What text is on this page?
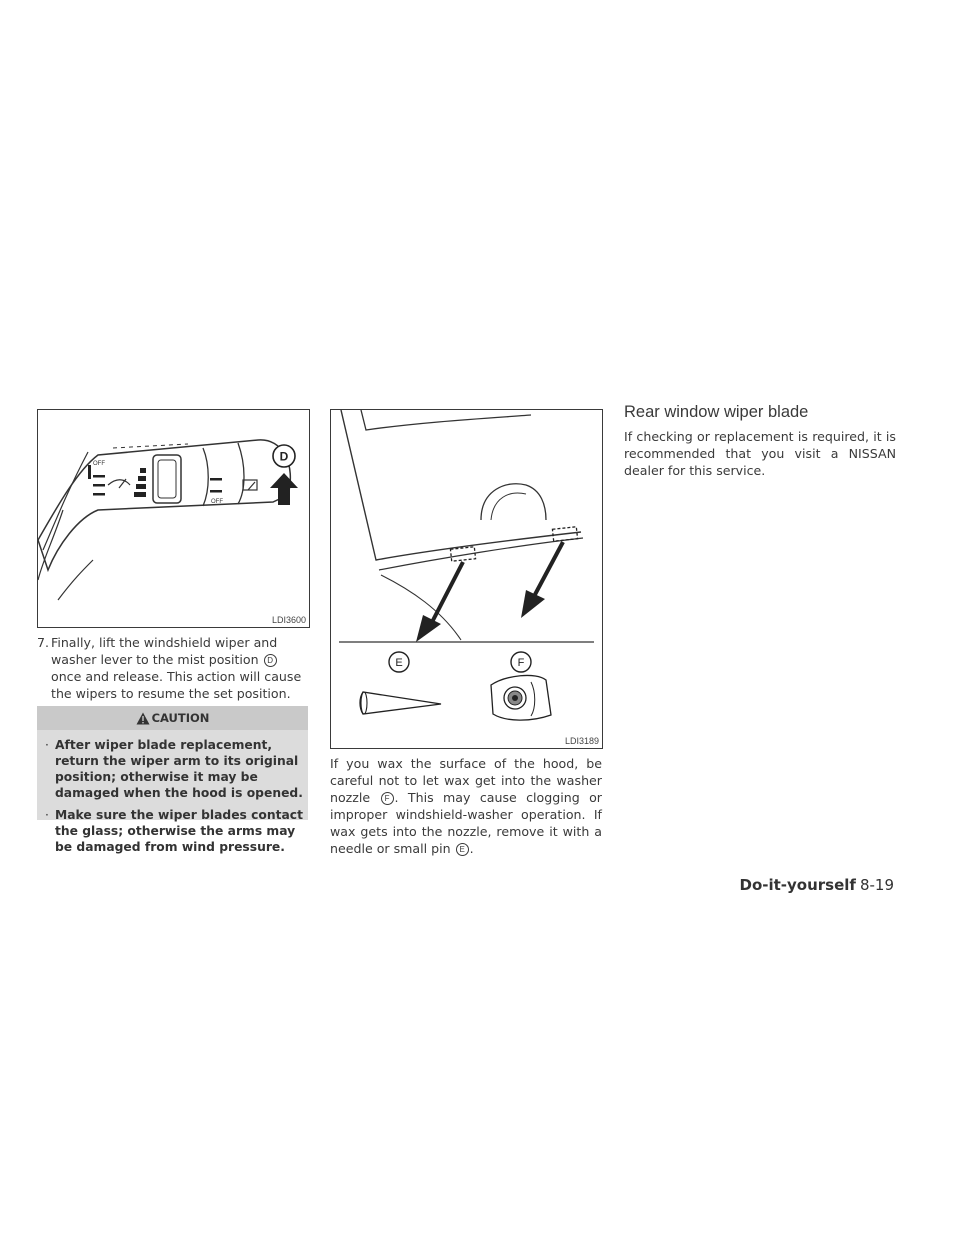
OFF
OFF
D
LDI3600
7. Finally, lift the windshield wiper and
washer lever to the mist position D once and release. This action will cause the wipers to resume the set position.
CAUTION
· After wiper blade replacement, return the wiper arm to its original position; otherwise it may be damaged when the hood is opened.
· Make sure the wiper blades contact the glass; otherwise the arms may be damaged from wind pressure.
E	F
LDI3189
If you wax the surface of the hood, be careful not to let wax get into the washer nozzle F . This may cause clogging or improper windshield-washer operation. If wax gets into the nozzle, remove it with a needle or small pin E .
Rear window wiper blade
If checking or replacement is required, it is recommended that you visit a NISSAN dealer for this service.
Do-it-yourself 8-19
